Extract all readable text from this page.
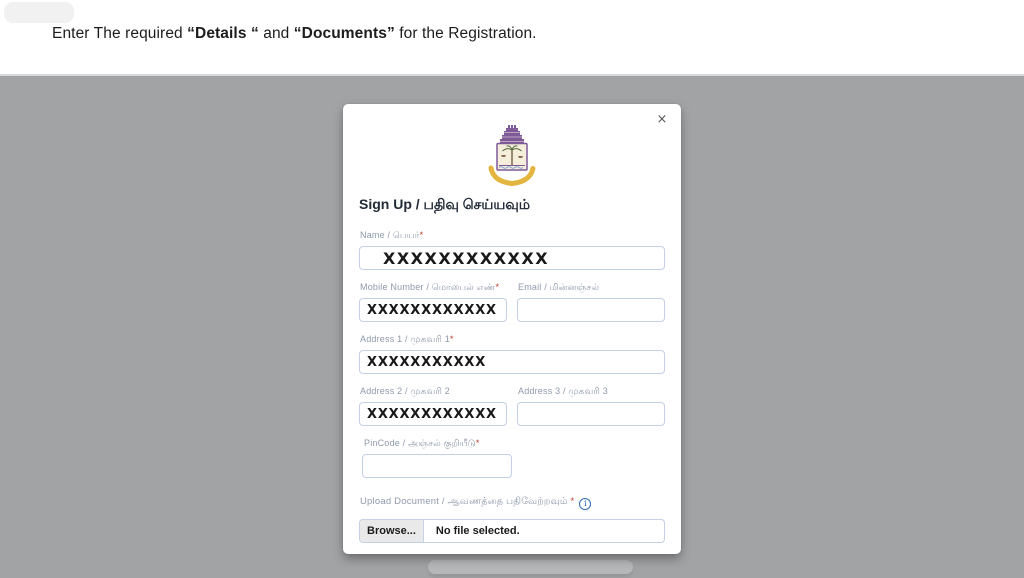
Enter The required “Details “ and “Documents” for the Registration.
×
Sign Up / பதிவு செய்யவும்
Name / பெயர்*
XXXXXXXXXXXX
Mobile Number / மொபைல் எண்* Email / மின்னஞ்சல்
XXXXXXXXXXXX
Address 1 / முகவரி 1*
XXXXXXXXXXX
Address 2 / முகவரி 2	Address 3 / முகவரி 3
XXXXXXXXXXXX
PinCode / அஞ்சல் குறியீடு*
Upload Document / ஆவணத்தை பதிவேற்றவும் * i
Browse...	No file selected.
